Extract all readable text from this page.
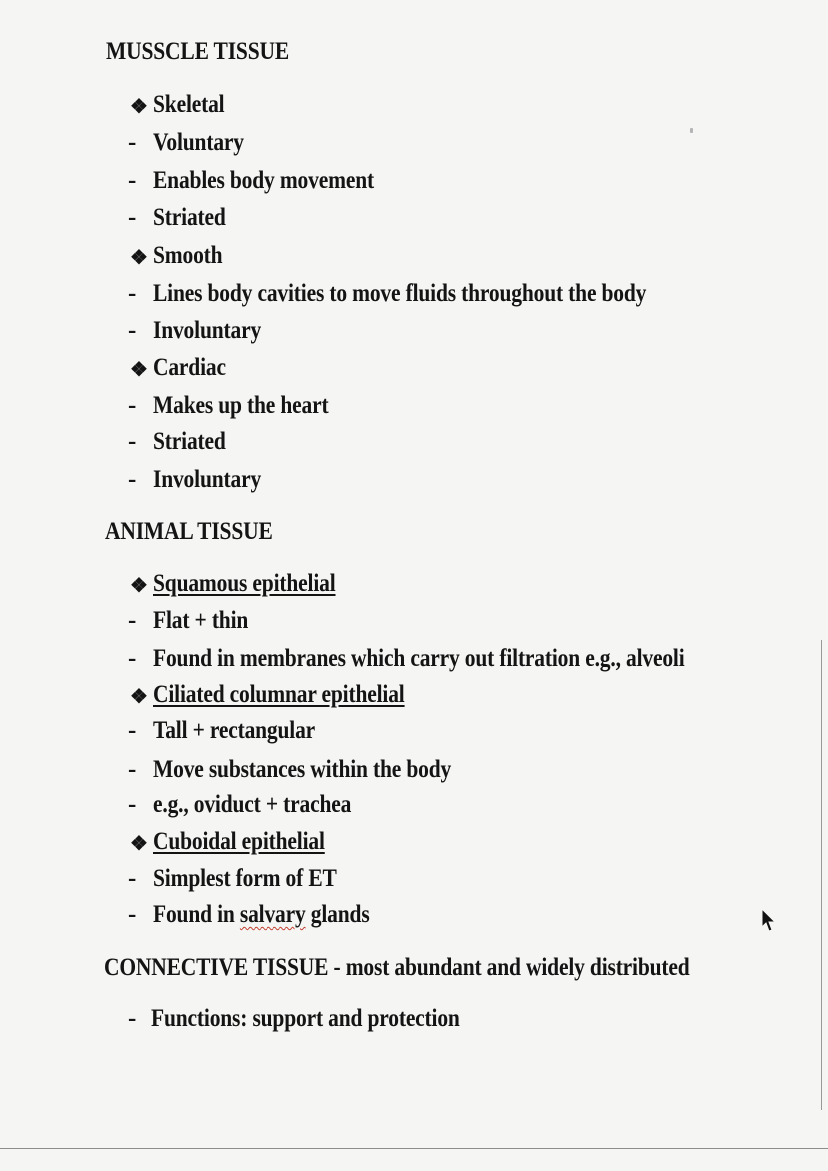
MUSSCLE TISSUE
❖ Skeletal
- Voluntary
- Enables body movement
- Striated
❖ Smooth
- Lines body cavities to move fluids throughout the body
- Involuntary
❖ Cardiac
- Makes up the heart
- Striated
- Involuntary
ANIMAL TISSUE
❖ Squamous epithelial
- Flat + thin
- Found in membranes which carry out filtration e.g., alveoli
❖ Ciliated columnar epithelial
- Tall + rectangular
- Move substances within the body
- e.g., oviduct + trachea
❖ Cuboidal epithelial
- Simplest form of ET
- Found in salvary glands
CONNECTIVE TISSUE - most abundant and widely distributed
- Functions: support and protection
